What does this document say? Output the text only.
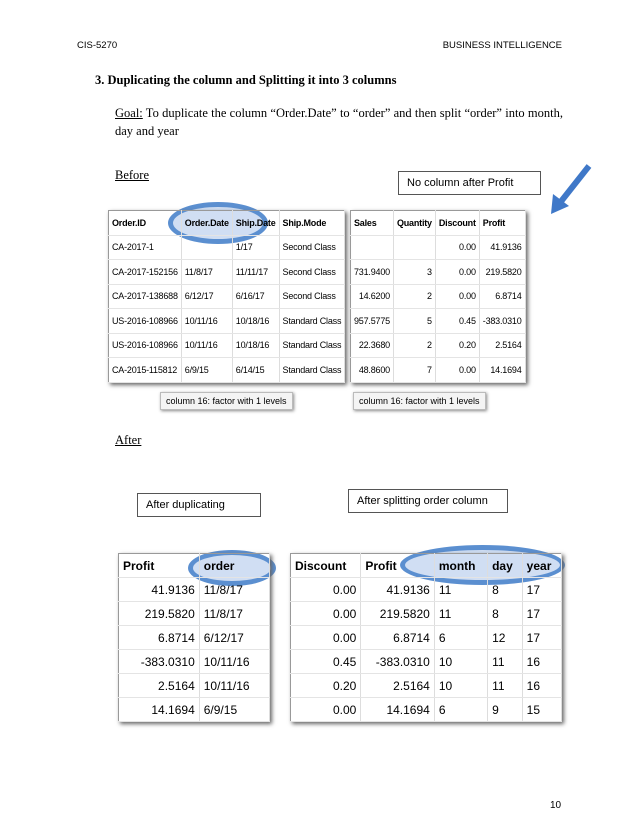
CIS-5270	BUSINESS INTELLIGENCE
3. Duplicating the column and Splitting it into 3 columns
Goal: To duplicate the column “Order.Date” to “order” and then split “order” into month, day and year
Before
After
No column after Profit
After duplicating	After splitting order column
Order.ID	Order.Date	Ship.Date	Ship.Mode
CA-2017-1		1/17	Second Class
CA-2017-152156	11/8/17	11/11/17	Second Class
CA-2017-138688	6/12/17	6/16/17	Second Class
US-2016-108966	10/11/16	10/18/16	Standard Class
US-2016-108966	10/11/16	10/18/16	Standard Class
CA-2015-115812	6/9/15	6/14/15	Standard Class
Sales	Quantity	Discount	Profit
		0.00	41.9136
731.9400	3	0.00	219.5820
14.6200	2	0.00	6.8714
957.5775	5	0.45	-383.0310
22.3680	2	0.20	2.5164
48.8600	7	0.00	14.1694
Profit	order
41.9136	11/8/17
219.5820	11/8/17
6.8714	6/12/17
-383.0310	10/11/16
2.5164	10/11/16
14.1694	6/9/15
Discount	Profit	month	day	year
0.00	41.9136	11	8	17
0.00	219.5820	11	8	17
0.00	6.8714	6	12	17
0.45	-383.0310	10	11	16
0.20	2.5164	10	11	16
0.00	14.1694	6	9	15
column 16: factor with 1 levels	column 16: factor with 1 levels
10
